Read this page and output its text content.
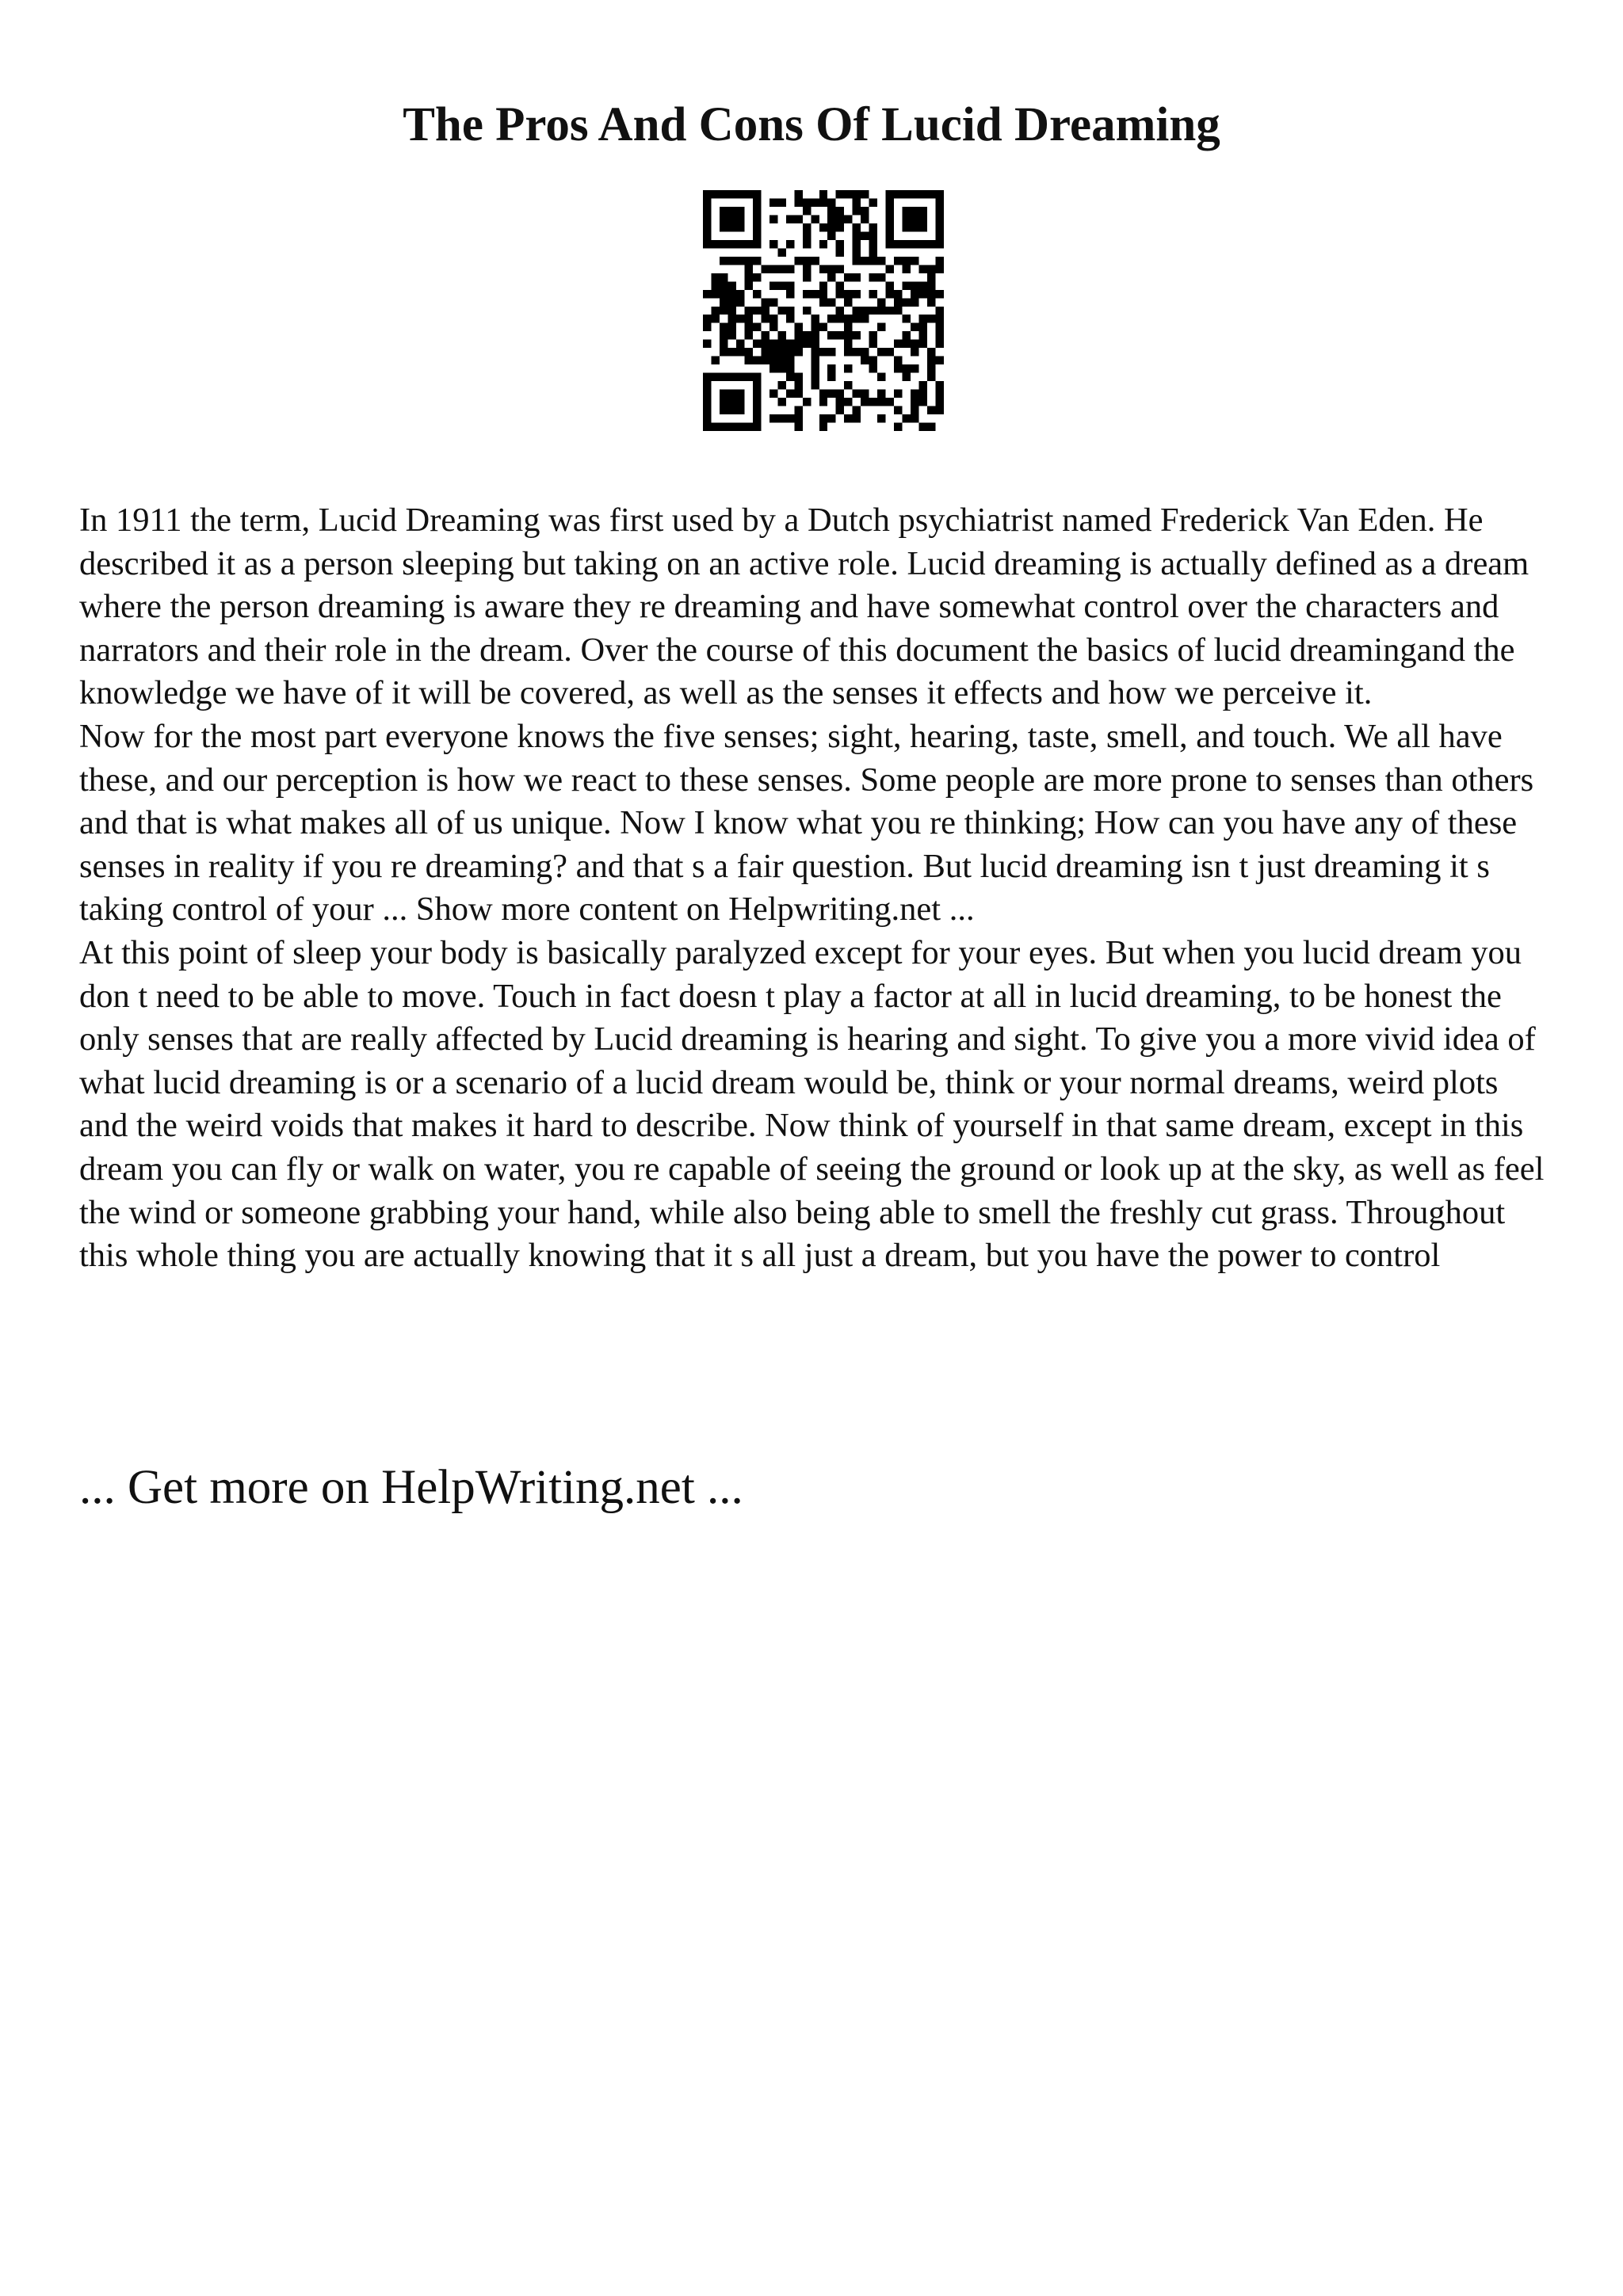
The Pros And Cons Of Lucid Dreaming

In 1911 the term, Lucid Dreaming was first used by a Dutch psychiatrist named Frederick Van Eden. He described it as a person sleeping but taking on an active role. Lucid dreaming is actually defined as a dream where the person dreaming is aware they re dreaming and have somewhat control over the characters and narrators and their role in the dream. Over the course of this document the basics of lucid dreamingand the knowledge we have of it will be covered, as well as the senses it effects and how we perceive it.

Now for the most part everyone knows the five senses; sight, hearing, taste, smell, and touch. We all have these, and our perception is how we react to these senses. Some people are more prone to senses than others and that is what makes all of us unique. Now I know what you re thinking; How can you have any of these senses in reality if you re dreaming? and that s a fair question. But lucid dreaming isn t just dreaming it s taking control of your ... Show more content on Helpwriting.net ...

At this point of sleep your body is basically paralyzed except for your eyes. But when you lucid dream you don t need to be able to move. Touch in fact doesn t play a factor at all in lucid dreaming, to be honest the only senses that are really affected by Lucid dreaming is hearing and sight. To give you a more vivid idea of what lucid dreaming is or a scenario of a lucid dream would be, think or your normal dreams, weird plots and the weird voids that makes it hard to describe. Now think of yourself in that same dream, except in this dream you can fly or walk on water, you re capable of seeing the ground or look up at the sky, as well as feel the wind or someone grabbing your hand, while also being able to smell the freshly cut grass. Throughout this whole thing you are actually knowing that it s all just a dream, but you have the power to control

... Get more on HelpWriting.net ...
